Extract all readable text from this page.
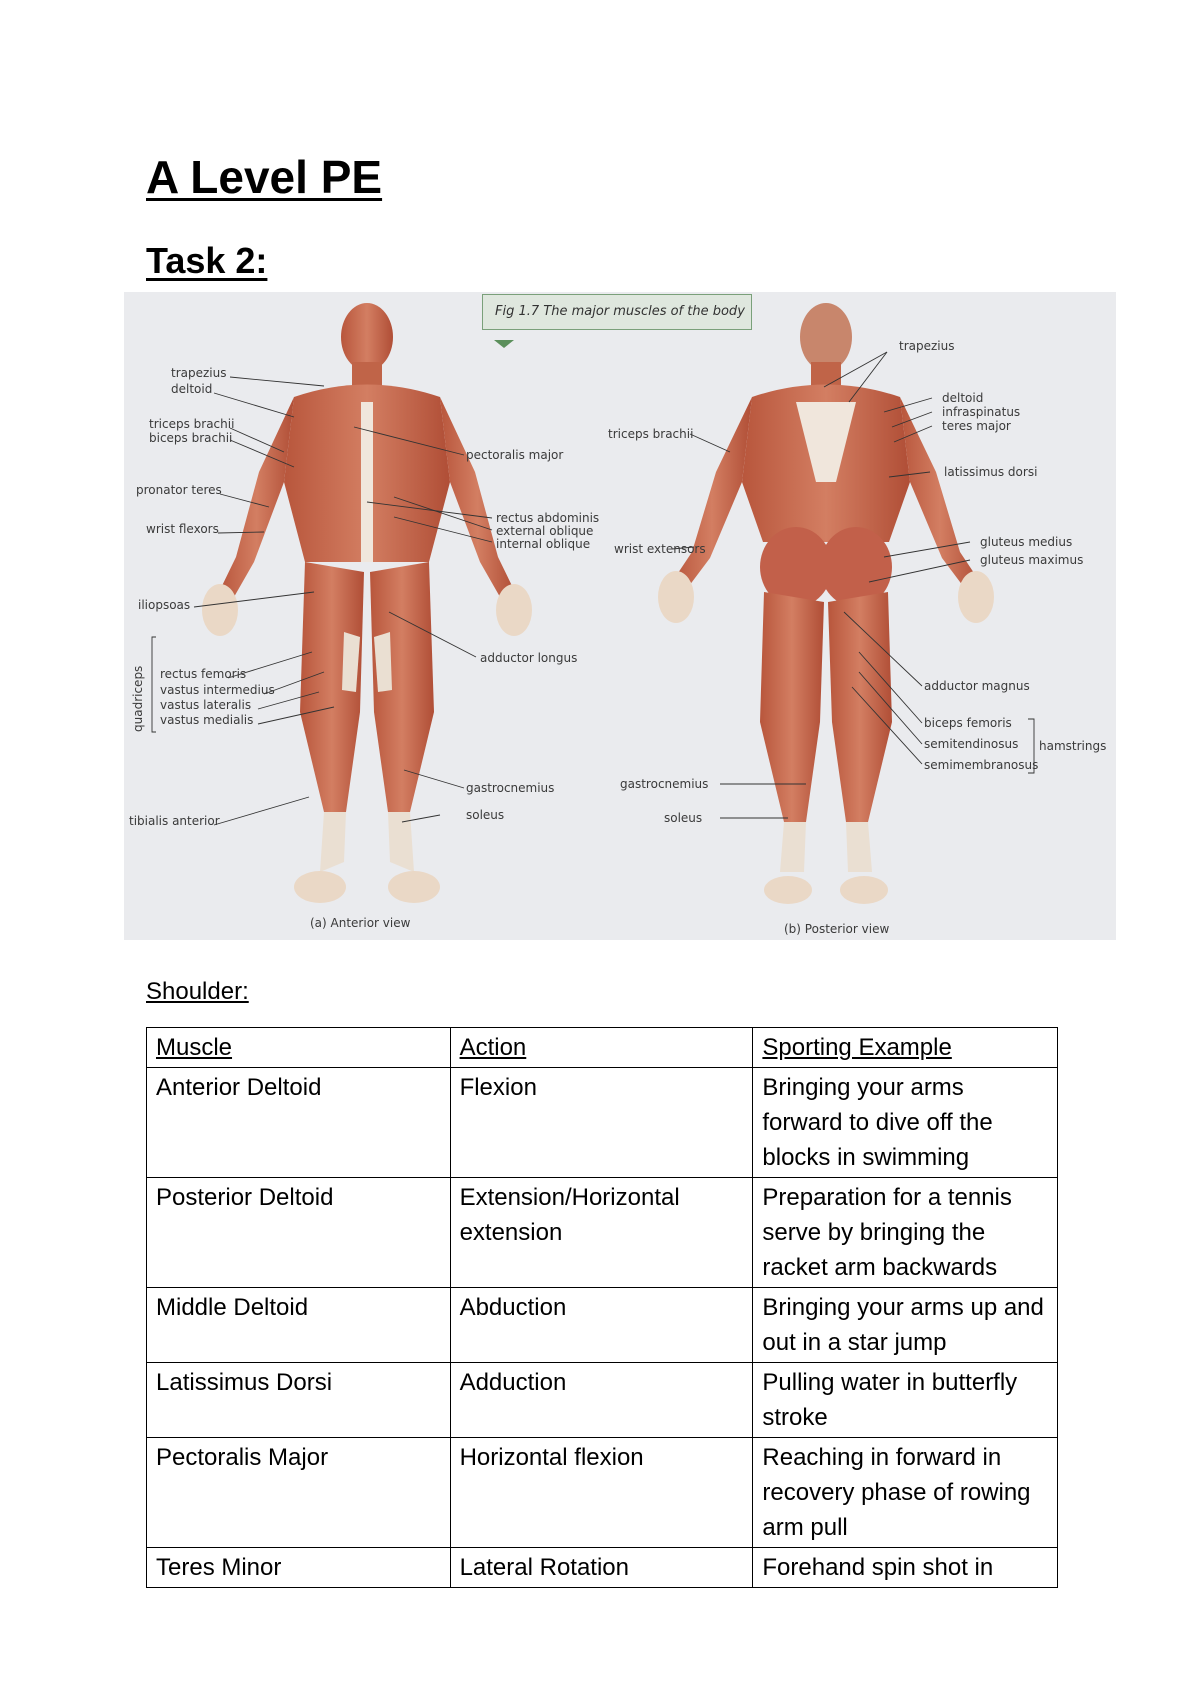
A Level PE
Task 2:
trapezius
deltoid
triceps brachii
biceps brachii
pronator teres
wrist flexors
iliopsoas
quadriceps rectus femoris
vastus intermedius
vastus lateralis
vastus medialis
tibialis anterior
pectoralis major
rectus abdominis
external oblique
internal oblique
adductor longus
gastrocnemius
soleus
(a) Anterior view
trapezius
deltoid
infraspinatus
teres major
latissimus dorsi
triceps brachii
wrist extensors	gluteus medius
gluteus maximus
adductor magnus
biceps femoris
semitendinosus
semimembranosus
hamstrings
gastrocnemius
soleus
(b) Posterior view
Fig 1.7 The major muscles of the body
Shoulder:
Muscle	Action	Sporting Example
Anterior Deltoid	Flexion	Bringing your arms forward to dive off the blocks in swimming
Posterior Deltoid	Extension/Horizontal extension	Preparation for a tennis serve by bringing the racket arm backwards
Middle Deltoid	Abduction	Bringing your arms up and out in a star jump
Latissimus Dorsi	Adduction	Pulling water in butterfly stroke
Pectoralis Major	Horizontal flexion	Reaching in forward in recovery phase of rowing arm pull
Teres Minor	Lateral Rotation	Forehand spin shot in
